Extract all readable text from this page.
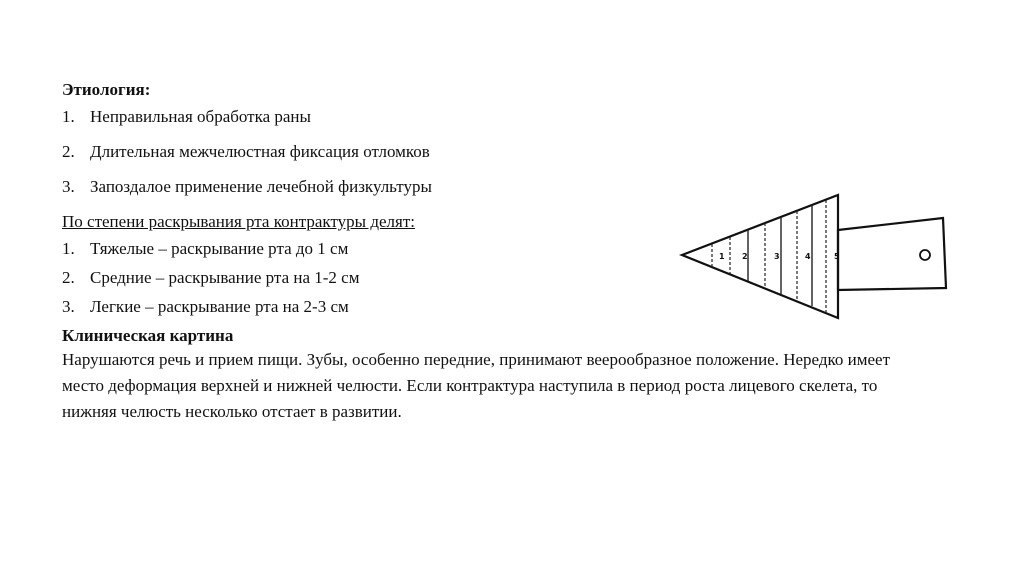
Этиология:

1. Неправильная обработка раны
2. Длительная межчелюстная фиксация отломков
3. Запоздалое применение лечебной физкультуры

По степени раскрывания рта контрактуры делят:

1. Тяжелые – раскрывание рта до 1 см
2. Средние – раскрывание рта на 1-2 см
3. Легкие – раскрывание рта на 2-3 см

Клиническая картина

Нарушаются речь и прием пищи. Зубы, особенно передние, принимают веерообразное положение. Нередко имеет место деформация верхней и нижней челюсти. Если контрактура наступила в период роста лицевого скелета, то нижняя челюсть несколько отстает в развитии.

1 2	3	4	5
